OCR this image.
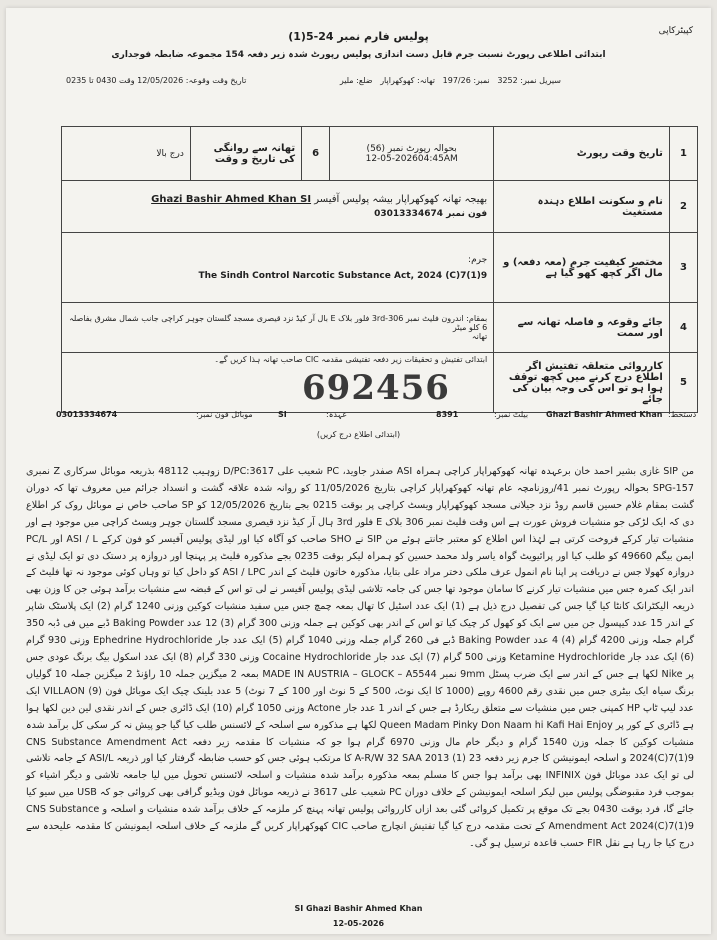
کپیٹرکاپی
پولیس فارم نمبر 24-5(1)
ابتدائی اطلاعی رپورٹ نسبت جرم قابل دست اندازی پولیس رپورٹ شدہ زیر دفعہ 154 مجموعہ ضابطہ فوجداری
سیریل نمبر: 3252   نمبر: 197/26   تھانہ: کھوکھراپار   ضلع: ملیر
تاریخ وقت وقوعہ: 12/05/2026 وقت 0430 تا 0235
درج بالا	تھانہ سے روانگی کی تاریخ و وقت	6	بحوالہ رپورٹ نمبر (56)
12-05-202604:45AM	تاریخ وقت رپورٹ	1

بھیجہ تھانہ کھوکھراپار بیشہ پولیس آفیسر Ghazi Bashir Ahmed Khan SI
فون نمبر 03013334674				نام و سکونت اطلاع دہندہ مستغیث	2

جرم:
The Sindh Control Narcotic Substance Act, 2024 (C)7(1)9				مختصر کیفیت جرم (معہ دفعہ) و مال اگر کچھ کھو گیا ہے	3

بمقام: اندرون فلیٹ نمبر 306-3rd فلور بلاک E بال آر کیڈ نزد قیصری مسجد گلستان جوہر کراچی جانب شمال مشرق بفاصلہ 6 کلو میٹر
تھانہ				جائے وقوعہ و فاصلہ تھانہ سے اور سمت	4
ابتدائی تفتیش و تحقیقات زیر دفعہ تفتیشی مقدمہ CIC صاحب تھانہ ہذا کریں گے۔				کارروائی متعلقہ تفتیش اگر اطلاع درج کرنے میں کچھ توقف ہوا ہو تو اس کی وجہ بیان کی جائے	5
692456
03013334674	موبائل فون نمبر:	SI	عہدہ:	8391	بیلٹ نمبر: Ghazi Bashir Ahmed Khan دستخط:
(ابتدائی اطلاع درج کریں)
من SIP غازی بشیر احمد خان برعہدہ تھانہ کھوکھراپار کراچی ہمراہ ASI صفدر جاوید، PC شعیب علی D/PC:3617 زوہیب 48112 بذریعہ موبائل سرکاری Z نمبری SPG-157 بحوالہ رپورٹ نمبر 41/روزنامچہ عام تھانہ کھوکھراپار کراچی بتاریخ 11/05/2026 کو روانہ شدہ علاقہ گشت و انسداد جرائم میں معروف تھا کہ دوران گشت بمقام غلام حسین قاسم روڈ نزد جیلانی مسجد کھوکھراپار ویسٹ کراچی پر بوقت 0215 بجے بتاریخ 12/05/2026 کو SP صاحب خاص نے موبائل روک کر اطلاع دی کہ ایک لڑکی جو منشیات فروش عورت ہے اس وقت فلیٹ نمبر 306 بلاک E فلور 3rd ہال آر کیڈ نزد قیصری مسجد گلستان جوہر ویسٹ کراچی میں موجود ہے اور منشیات تیار کرکے فروخت کرتی ہے لہٰذا اس اطلاع کو معتبر جانتے ہوئے من SIP نے SHO صاحب کو آگاہ کیا اور لیڈی پولیس آفیسر کو فون کرکے ASI / L اور PC/L ایمن بیگم 49660 کو طلب کیا اور پرائیویٹ گواہ یاسر ولد محمد حسین کو ہمراہ لیکر بوقت 0235 بجے مذکورہ فلیٹ پر پہنچا اور دروازہ پر دستک دی تو ایک لیڈی نے دروازہ کھولا جس نے دریافت پر اپنا نام انمول عرف ملکی دختر مراد علی بتایا، مذکورہ خاتون فلیٹ کے اندر ASI / LPC کو داخل کیا تو وہاں کوئی موجود نہ تھا فلیٹ کے اندر ایک کمرہ جس میں منشیات تیار کرنے کا سامان موجود تھا جس کی جامہ تلاشی لیڈی پولیس آفیسر نے لی تو اس کے قبضہ سے منشیات برآمد ہوئی جن کا وزن بھی ذریعہ الیکٹرانک کانٹا کیا گیا جس کی تفصیل درج ذیل ہے (1) ایک عدد اسٹیل کا تھال بمعہ چمچ جس میں سفید منشیات کوکین وزنی 1240 گرام (2) ایک پلاسٹک شاپر کے اندر 15 عدد کیپسول جن میں سے ایک کو کھول کر چیک کیا تو اس کے اندر بھی کوکین ہے جملہ وزنی 300 گرام (3) 12 عدد Baking Powder ڈبے میں فی ڈبہ 350 گرام جملہ وزنی 4200 گرام (4) 4 عدد Baking Powder ڈبے فی 260 گرام جملہ وزنی 1040 گرام (5) ایک عدد جار Ephedrine Hydrochloride وزنی 930 گرام (6) ایک عدد جار Ketamine Hydrochloride وزنی 500 گرام (7) ایک عدد جار Cocaine Hydrochloride وزنی 330 گرام (8) ایک عدد اسکول بیگ برنگ عودی جس پر Nike لکھا ہے جس کے اندر سے ایک ضرب پسٹل 9mm نمبر MADE IN AUSTRIA – GLOCK – A5544 بمعہ 2 میگزین جملہ 10 راؤنڈ 2 میگزین جملہ 10 گولیاں برنگ سیاہ ایک بیٹری جس میں نقدی رقم 4600 روپے (1000 کا ایک نوٹ، 500 کے 5 نوٹ اور 100 کے 7 نوٹ) 5 عدد بلینک چیک ایک موبائل فون VILLAON (9) ایک عدد لیپ ٹاپ HP کمپنی جس میں منشیات سے متعلق ریکارڈ ہے جس کے اندر 1 عدد جار Actone وزنی 1050 گرام (10) ایک ڈائری جس کے اندر نقدی لین دین لکھا ہوا ہے ڈائری کے کور پر Queen Madam Pinky Don Naam hi Kafi Hai Enjoy لکھا ہے مذکورہ سے اسلحہ کے لائسنس طلب کیا گیا جو پیش نہ کر سکی کل برآمد شدہ منشیات کوکین کا جملہ وزن 1540 گرام و دیگر خام مال وزنی 6970 گرام ہوا جو کہ منشیات کا مقدمہ زیر دفعہ CNS Substance Amendment Act 2024(C)7(1)9 و اسلحہ ایمونیشن کا جرم زیر دفعہ 23 (1) A-R/W 32 SAA 2013 کا مرتکب ہوئی جس کو حسب ضابطہ گرفتار کیا اور ذریعہ ASI/L کے جامہ تلاشی لی تو ایک عدد موبائل فون INFINIX بھی برآمد ہوا جس کا مسلم بمعہ مذکورہ برآمد شدہ منشیات و اسلحہ لائسنس تحویل میں لیا جامعہ تلاشی و دیگر اشیاء کو بموجب فرد مقبوضگی پولیس میں لیکر اسلحہ ایمونیشن کے خلاف دوران PC شعیب علی 3617 نے ذریعہ موبائل فون ویڈیو گرافی بھی کروائی جو کہ USB میں سیو کیا جائے گا، فرد بوقت 0430 بجے تک موقع پر تکمیل کروائی گئی بعد ازاں کارروائی پولیس تھانہ پہنچ کر ملزمہ کے خلاف برآمد شدہ منشیات و اسلحہ و CNS Substance Amendment Act 2024(C)7(1)9 کے تحت مقدمہ درج کیا گیا تفتیش انچارج صاحب CIC کھوکھراپار کریں گے ملزمہ کے خلاف اسلحہ ایمونیشن کا مقدمہ علیحدہ سے درج کیا جا رہا ہے نقل FIR حسب قاعدہ ترسیل ہو گی۔
SI Ghazi Bashir Ahmed Khan
12-05-2026
